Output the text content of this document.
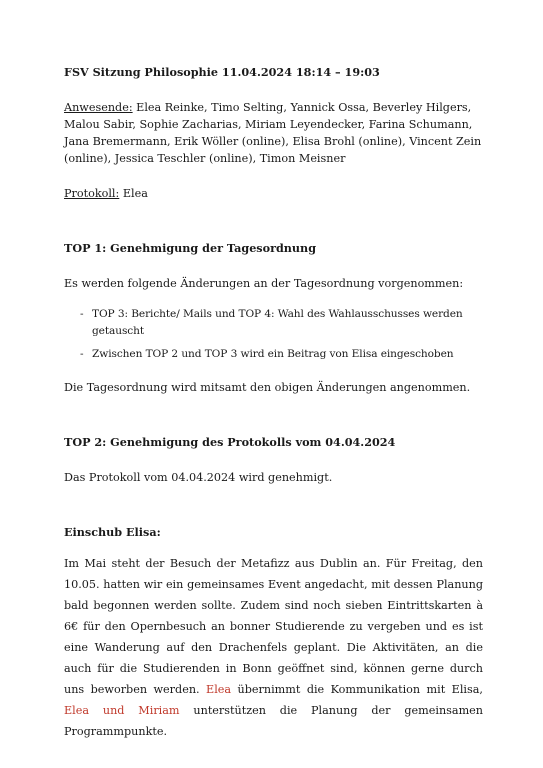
FSV Sitzung Philosophie 11.04.2024 18:14 – 19:03

Anwesende: Elea Reinke, Timo Selting, Yannick Ossa, Beverley Hilgers, Malou Sabir, Sophie Zacharias, Miriam Leyendecker, Farina Schumann, Jana Bremermann, Erik Wöller (online), Elisa Brohl (online), Vincent Zein (online), Jessica Teschler (online), Timon Meisner

Protokoll: Elea

TOP 1: Genehmigung der Tagesordnung

Es werden folgende Änderungen an der Tagesordnung vorgenommen:

- TOP 3: Berichte/ Mails und TOP 4: Wahl des Wahlausschusses werden getauscht
- Zwischen TOP 2 und TOP 3 wird ein Beitrag von Elisa eingeschoben

Die Tagesordnung wird mitsamt den obigen Änderungen angenommen.

TOP 2: Genehmigung des Protokolls vom 04.04.2024

Das Protokoll vom 04.04.2024 wird genehmigt.

Einschub Elisa:

Im Mai steht der Besuch der Metafizz aus Dublin an. Für Freitag, den 10.05. hatten wir ein gemeinsames Event angedacht, mit dessen Planung bald begonnen werden sollte. Zudem sind noch sieben Eintrittskarten à 6€ für den Opernbesuch an bonner Studierende zu vergeben und es ist eine Wanderung auf den Drachenfels geplant. Die Aktivitäten, an die auch für die Studierenden in Bonn geöffnet sind, können gerne durch uns beworben werden. Elea übernimmt die Kommunikation mit Elisa, Elea und Miriam unterstützen die Planung der gemeinsamen Programmpunkte.
